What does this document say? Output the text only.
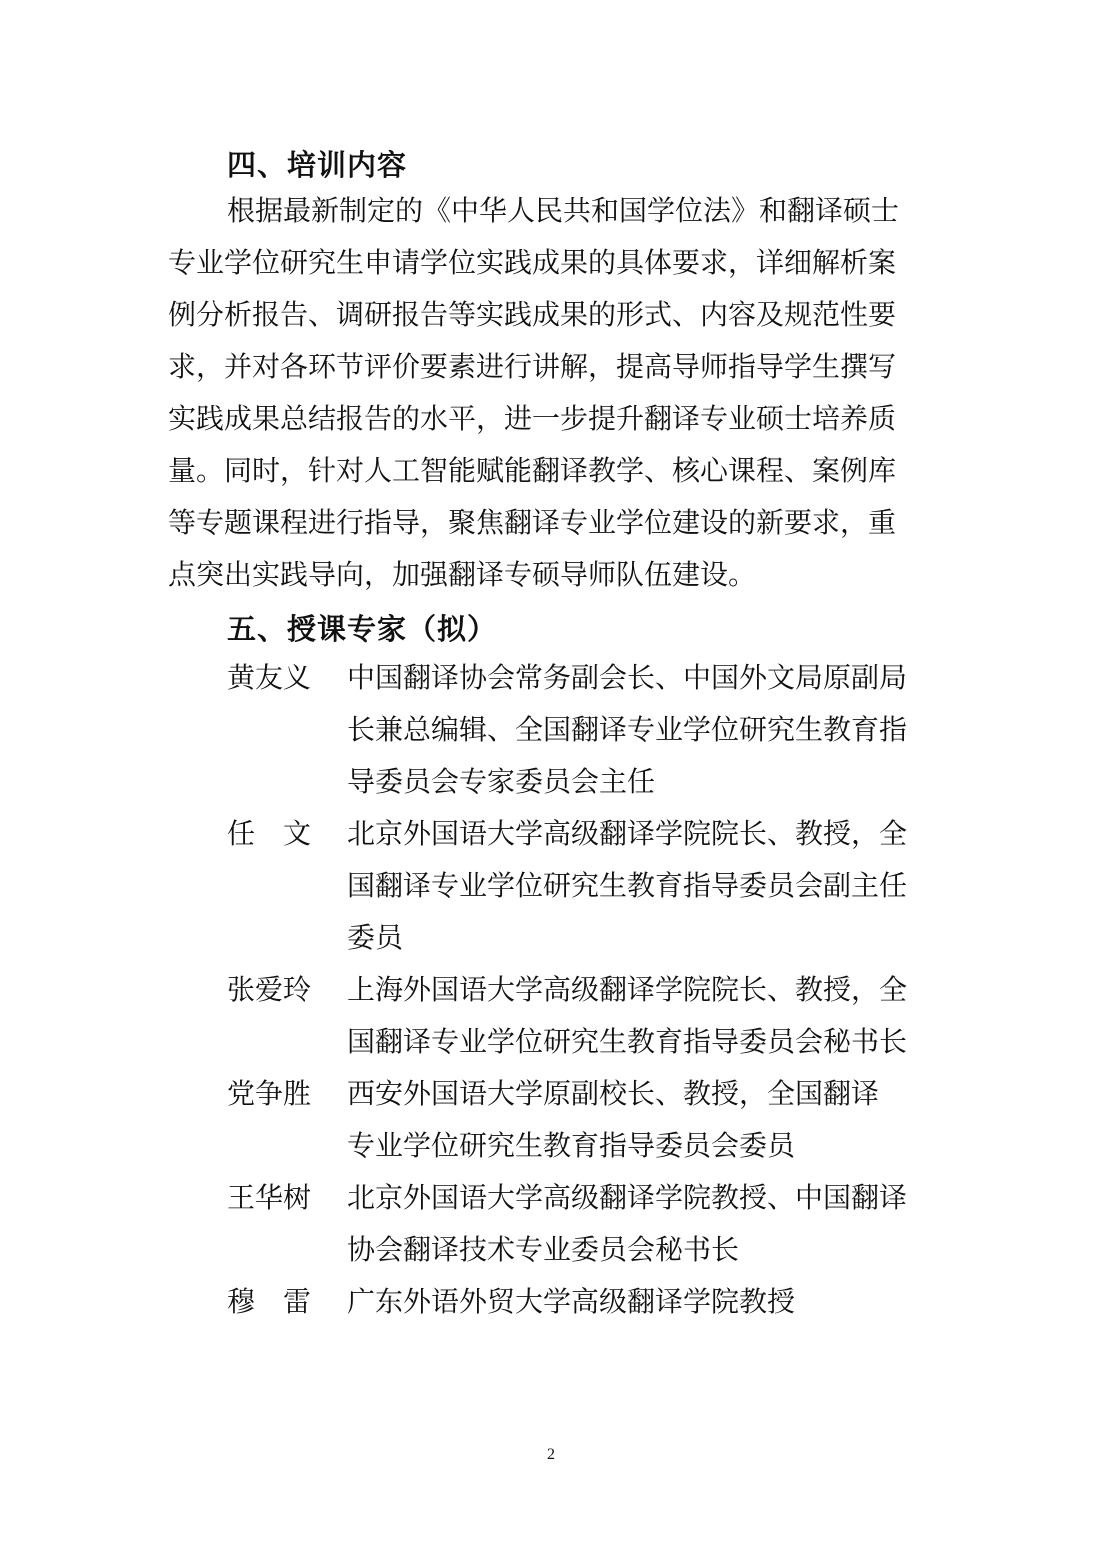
四、培训内容
根据最新制定的《中华人民共和国学位法》和翻译硕士
专业学位研究生申请学位实践成果的具体要求，详细解析案
例分析报告、调研报告等实践成果的形式、内容及规范性要
求，并对各环节评价要素进行讲解，提高导师指导学生撰写
实践成果总结报告的水平，进一步提升翻译专业硕士培养质
量。同时，针对人工智能赋能翻译教学、核心课程、案例库
等专题课程进行指导，聚焦翻译专业学位建设的新要求，重
点突出实践导向，加强翻译专硕导师队伍建设。
五、授课专家（拟）
黄友义	中国翻译协会常务副会长、中国外文局原副局
长兼总编辑、全国翻译专业学位研究生教育指
导委员会专家委员会主任
任　文	北京外国语大学高级翻译学院院长、教授，全
国翻译专业学位研究生教育指导委员会副主任
委员
张爱玲	上海外国语大学高级翻译学院院长、教授，全
国翻译专业学位研究生教育指导委员会秘书长
党争胜	西安外国语大学原副校长、教授，全国翻译
专业学位研究生教育指导委员会委员
王华树	北京外国语大学高级翻译学院教授、中国翻译
协会翻译技术专业委员会秘书长
穆　雷	广东外语外贸大学高级翻译学院教授
2
